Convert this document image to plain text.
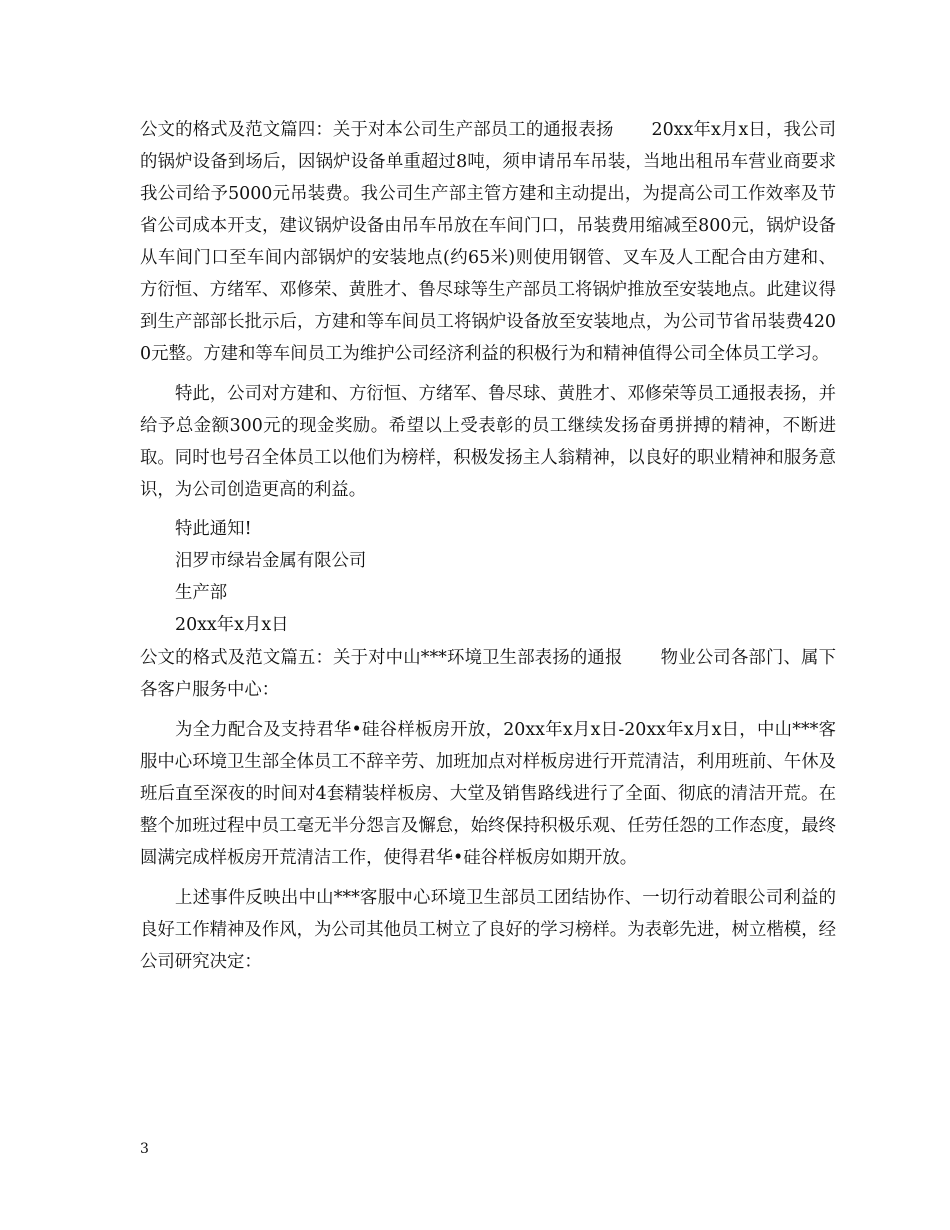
公文的格式及范文篇四：关于对本公司生产部员工的通报表扬 20xx年x月x日，我公司的锅炉设备到场后，因锅炉设备单重超过8吨，须申请吊车吊装，当地出租吊车营业商要求我公司给予5000元吊装费。我公司生产部主管方建和主动提出，为提高公司工作效率及节省公司成本开支，建议锅炉设备由吊车吊放在车间门口，吊装费用缩减至800元，锅炉设备从车间门口至车间内部锅炉的安装地点(约65米)则使用钢管、叉车及人工配合由方建和、方衍恒、方绪军、邓修荣、黄胜才、鲁尽球等生产部员工将锅炉推放至安装地点。此建议得到生产部部长批示后，方建和等车间员工将锅炉设备放至安装地点，为公司节省吊装费4200元整。方建和等车间员工为维护公司经济利益的积极行为和精神值得公司全体员工学习。

特此，公司对方建和、方衍恒、方绪军、鲁尽球、黄胜才、邓修荣等员工通报表扬，并给予总金额300元的现金奖励。希望以上受表彰的员工继续发扬奋勇拼搏的精神，不断进取。同时也号召全体员工以他们为榜样，积极发扬主人翁精神，以良好的职业精神和服务意识，为公司创造更高的利益。

特此通知!

汨罗市绿岩金属有限公司

生产部

20xx年x月x日

公文的格式及范文篇五：关于对中山***环境卫生部表扬的通报 物业公司各部门、属下各客户服务中心：

为全力配合及支持君华•硅谷样板房开放，20xx年x月x日-20xx年x月x日，中山***客服中心环境卫生部全体员工不辞辛劳、加班加点对样板房进行开荒清洁，利用班前、午休及班后直至深夜的时间对4套精装样板房、大堂及销售路线进行了全面、彻底的清洁开荒。在整个加班过程中员工毫无半分怨言及懈怠，始终保持积极乐观、任劳任怨的工作态度，最终圆满完成样板房开荒清洁工作，使得君华•硅谷样板房如期开放。

上述事件反映出中山***客服中心环境卫生部员工团结协作、一切行动着眼公司利益的良好工作精神及作风，为公司其他员工树立了良好的学习榜样。为表彰先进，树立楷模，经公司研究决定：

3
